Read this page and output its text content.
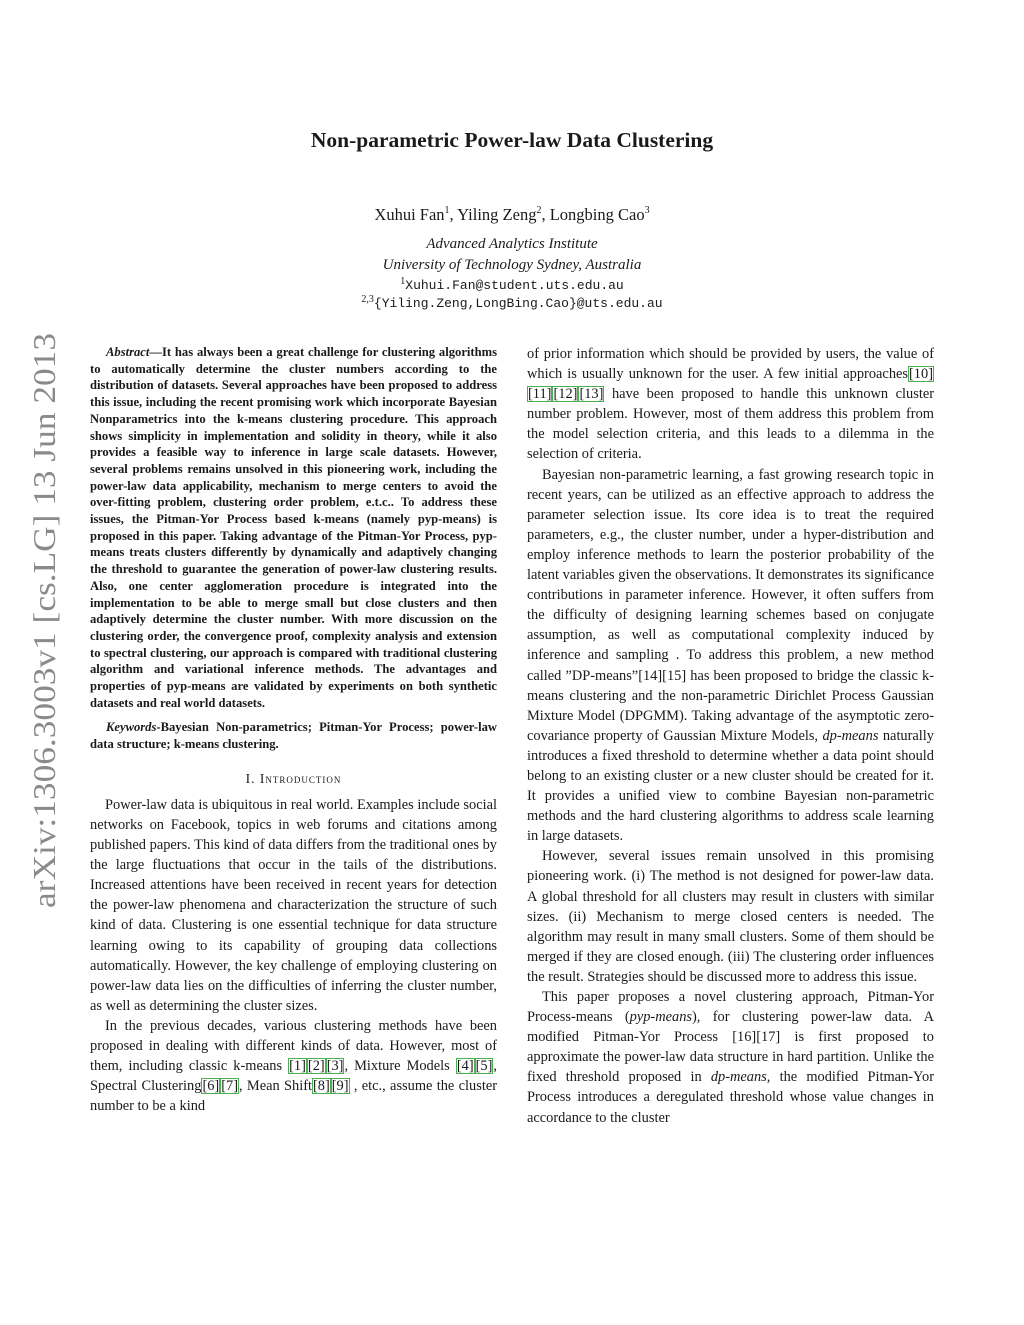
arXiv:1306.3003v1 [cs.LG] 13 Jun 2013
Non-parametric Power-law Data Clustering
Xuhui Fan$^1$, Yiling Zeng$^2$, Longbing Cao$^3$
Advanced Analytics Institute
University of Technology Sydney, Australia
$^1$Xuhui.Fan@student.uts.edu.au
$^{2,3}${Yiling.Zeng,LongBing.Cao}@uts.edu.au

Abstract—It has always been a great challenge for clustering algorithms to automatically determine the cluster numbers according to the distribution of datasets. Several approaches have been proposed to address this issue, including the recent promising work which incorporate Bayesian Nonparametrics into the k-means clustering procedure. This approach shows simplicity in implementation and solidity in theory, while it also provides a feasible way to inference in large scale datasets. However, several problems remains unsolved in this pioneering work, including the power-law data applicability, mechanism to merge centers to avoid the over-fitting problem, clustering order problem, e.t.c.. To address these issues, the Pitman-Yor Process based k-means (namely pyp-means) is proposed in this paper. Taking advantage of the Pitman-Yor Process, pyp-means treats clusters differently by dynamically and adaptively changing the threshold to guarantee the generation of power-law clustering results. Also, one center agglomeration procedure is integrated into the implementation to be able to merge small but close clusters and then adaptively determine the cluster number. With more discussion on the clustering order, the convergence proof, complexity analysis and extension to spectral clustering, our approach is compared with traditional clustering algorithm and variational inference methods. The advantages and properties of pyp-means are validated by experiments on both synthetic datasets and real world datasets.

Keywords-Bayesian Non-parametrics; Pitman-Yor Process; power-law data structure; k-means clustering.

I. Introduction

Power-law data is ubiquitous in real world. Examples include social networks on Facebook, topics in web forums and citations among published papers. This kind of data differs from the traditional ones by the large fluctuations that occur in the tails of the distributions. Increased attentions have been received in recent years for detection the power-law phenomena and characterization the structure of such kind of data. Clustering is one essential technique for data structure learning owing to its capability of grouping data collections automatically. However, the key challenge of employing clustering on power-law data lies on the difficulties of inferring the cluster number, as well as determining the cluster sizes.

In the previous decades, various clustering methods have been proposed in dealing with different kinds of data. However, most of them, including classic k-means [1] [2] [3], Mixture Models [4] [5], Spectral Clustering[6] [7], Mean Shift[8] [9] , etc., assume the cluster number to be a kind

of prior information which should be provided by users, the value of which is usually unknown for the user. A few initial approaches[10][11] [12] [13] have been proposed to handle this unknown cluster number problem. However, most of them address this problem from the model selection criteria, and this leads to a dilemma in the selection of criteria.

Bayesian non-parametric learning, a fast growing research topic in recent years, can be utilized as an effective approach to address the parameter selection issue. Its core idea is to treat the required parameters, e.g., the cluster number, under a hyper-distribution and employ inference methods to learn the posterior probability of the latent variables given the observations. It demonstrates its significance contributions in parameter inference. However, it often suffers from the difficulty of designing learning schemes based on conjugate assumption, as well as computational complexity induced by inference and sampling . To address this problem, a new method called ”DP-means”[14][15] has been proposed to bridge the classic k-means clustering and the non-parametric Dirichlet Process Gaussian Mixture Model (DPGMM). Taking advantage of the asymptotic zero-covariance property of Gaussian Mixture Models, dp-means naturally introduces a fixed threshold to determine whether a data point should belong to an existing cluster or a new cluster should be created for it. It provides a unified view to combine Bayesian non-parametric methods and the hard clustering algorithms to address scale learning in large datasets.

However, several issues remain unsolved in this promising pioneering work. (i) The method is not designed for power-law data. A global threshold for all clusters may result in clusters with similar sizes. (ii) Mechanism to merge closed centers is needed. The algorithm may result in many small clusters. Some of them should be merged if they are closed enough. (iii) The clustering order influences the result. Strategies should be discussed more to address this issue.

This paper proposes a novel clustering approach, Pitman-Yor Process-means (pyp-means), for clustering power-law data. A modified Pitman-Yor Process [16][17] is first proposed to approximate the power-law data structure in hard partition. Unlike the fixed threshold proposed in dp-means, the modified Pitman-Yor Process introduces a deregulated threshold whose value changes in accordance to the cluster
